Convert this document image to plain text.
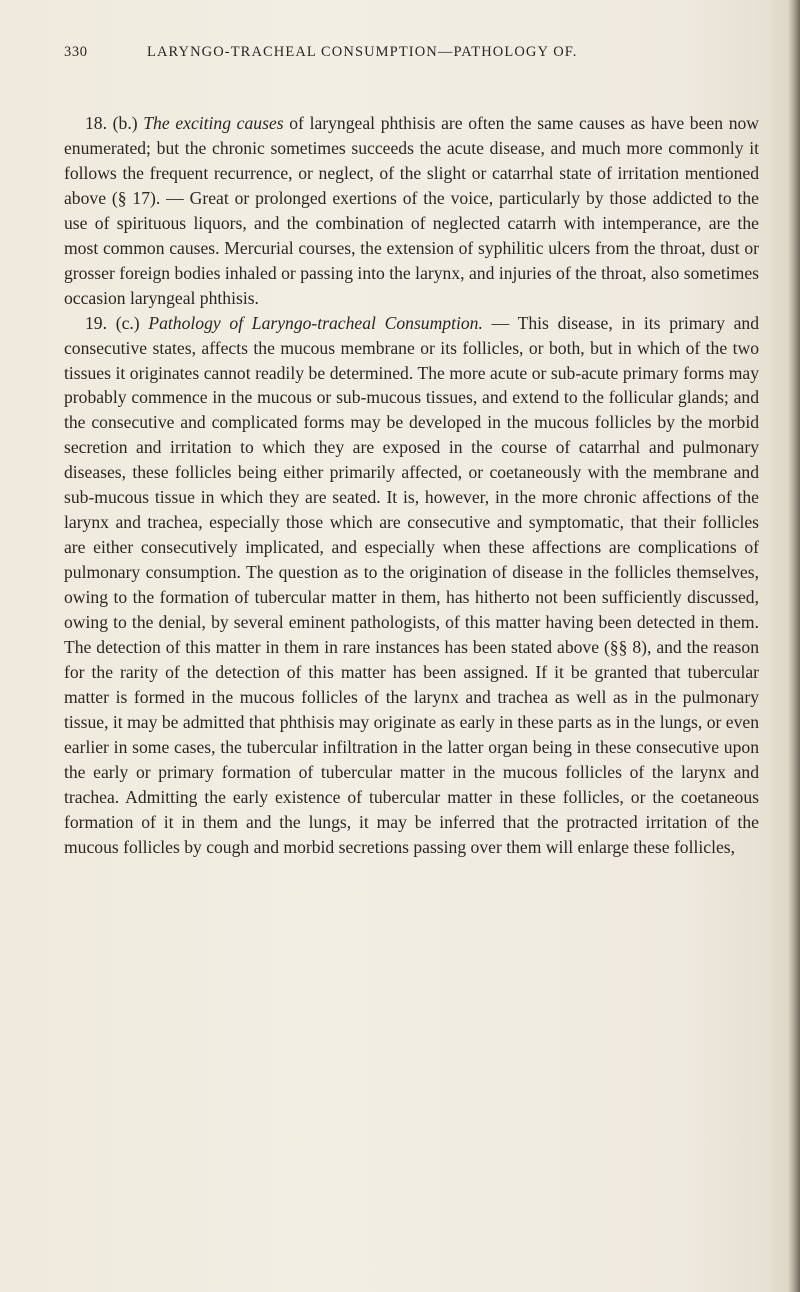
330	LARYNGO-TRACHEAL CONSUMPTION—PATHOLOGY OF.

18. (b.) The exciting causes of laryngeal phthisis are often the same causes as have been now enumerated; but the chronic sometimes succeeds the acute disease, and much more commonly it follows the frequent recurrence, or neglect, of the slight or catarrhal state of irritation mentioned above (§ 17). — Great or prolonged exertions of the voice, particularly by those addicted to the use of spirituous liquors, and the combination of neglected catarrh with intemperance, are the most common causes. Mercurial courses, the extension of syphilitic ulcers from the throat, dust or grosser foreign bodies inhaled or passing into the larynx, and injuries of the throat, also sometimes occasion laryngeal phthisis.

19. (c.) Pathology of Laryngo-tracheal Consumption. — This disease, in its primary and consecutive states, affects the mucous membrane or its follicles, or both, but in which of the two tissues it originates cannot readily be determined. The more acute or sub-acute primary forms may probably commence in the mucous or sub-mucous tissues, and extend to the follicular glands; and the consecutive and complicated forms may be developed in the mucous follicles by the morbid secretion and irritation to which they are exposed in the course of catarrhal and pulmonary diseases, these follicles being either primarily affected, or coetaneously with the membrane and sub-mucous tissue in which they are seated. It is, however, in the more chronic affections of the larynx and trachea, especially those which are consecutive and symptomatic, that their follicles are either consecutively implicated, and especially when these affections are complications of pulmonary consumption. The question as to the origination of disease in the follicles themselves, owing to the formation of tubercular matter in them, has hitherto not been sufficiently discussed, owing to the denial, by several eminent pathologists, of this matter having been detected in them. The detection of this matter in them in rare instances has been stated above (§§ 8), and the reason for the rarity of the detection of this matter has been assigned. If it be granted that tubercular matter is formed in the mucous follicles of the larynx and trachea as well as in the pulmonary tissue, it may be admitted that phthisis may originate as early in these parts as in the lungs, or even earlier in some cases, the tubercular infiltration in the latter organ being in these consecutive upon the early or primary formation of tubercular matter in the mucous follicles of the larynx and trachea. Admitting the early existence of tubercular matter in these follicles, or the coetaneous formation of it in them and the lungs, it may be inferred that the protracted irritation of the mucous follicles by cough and morbid secretions passing over them will enlarge these follicles,
